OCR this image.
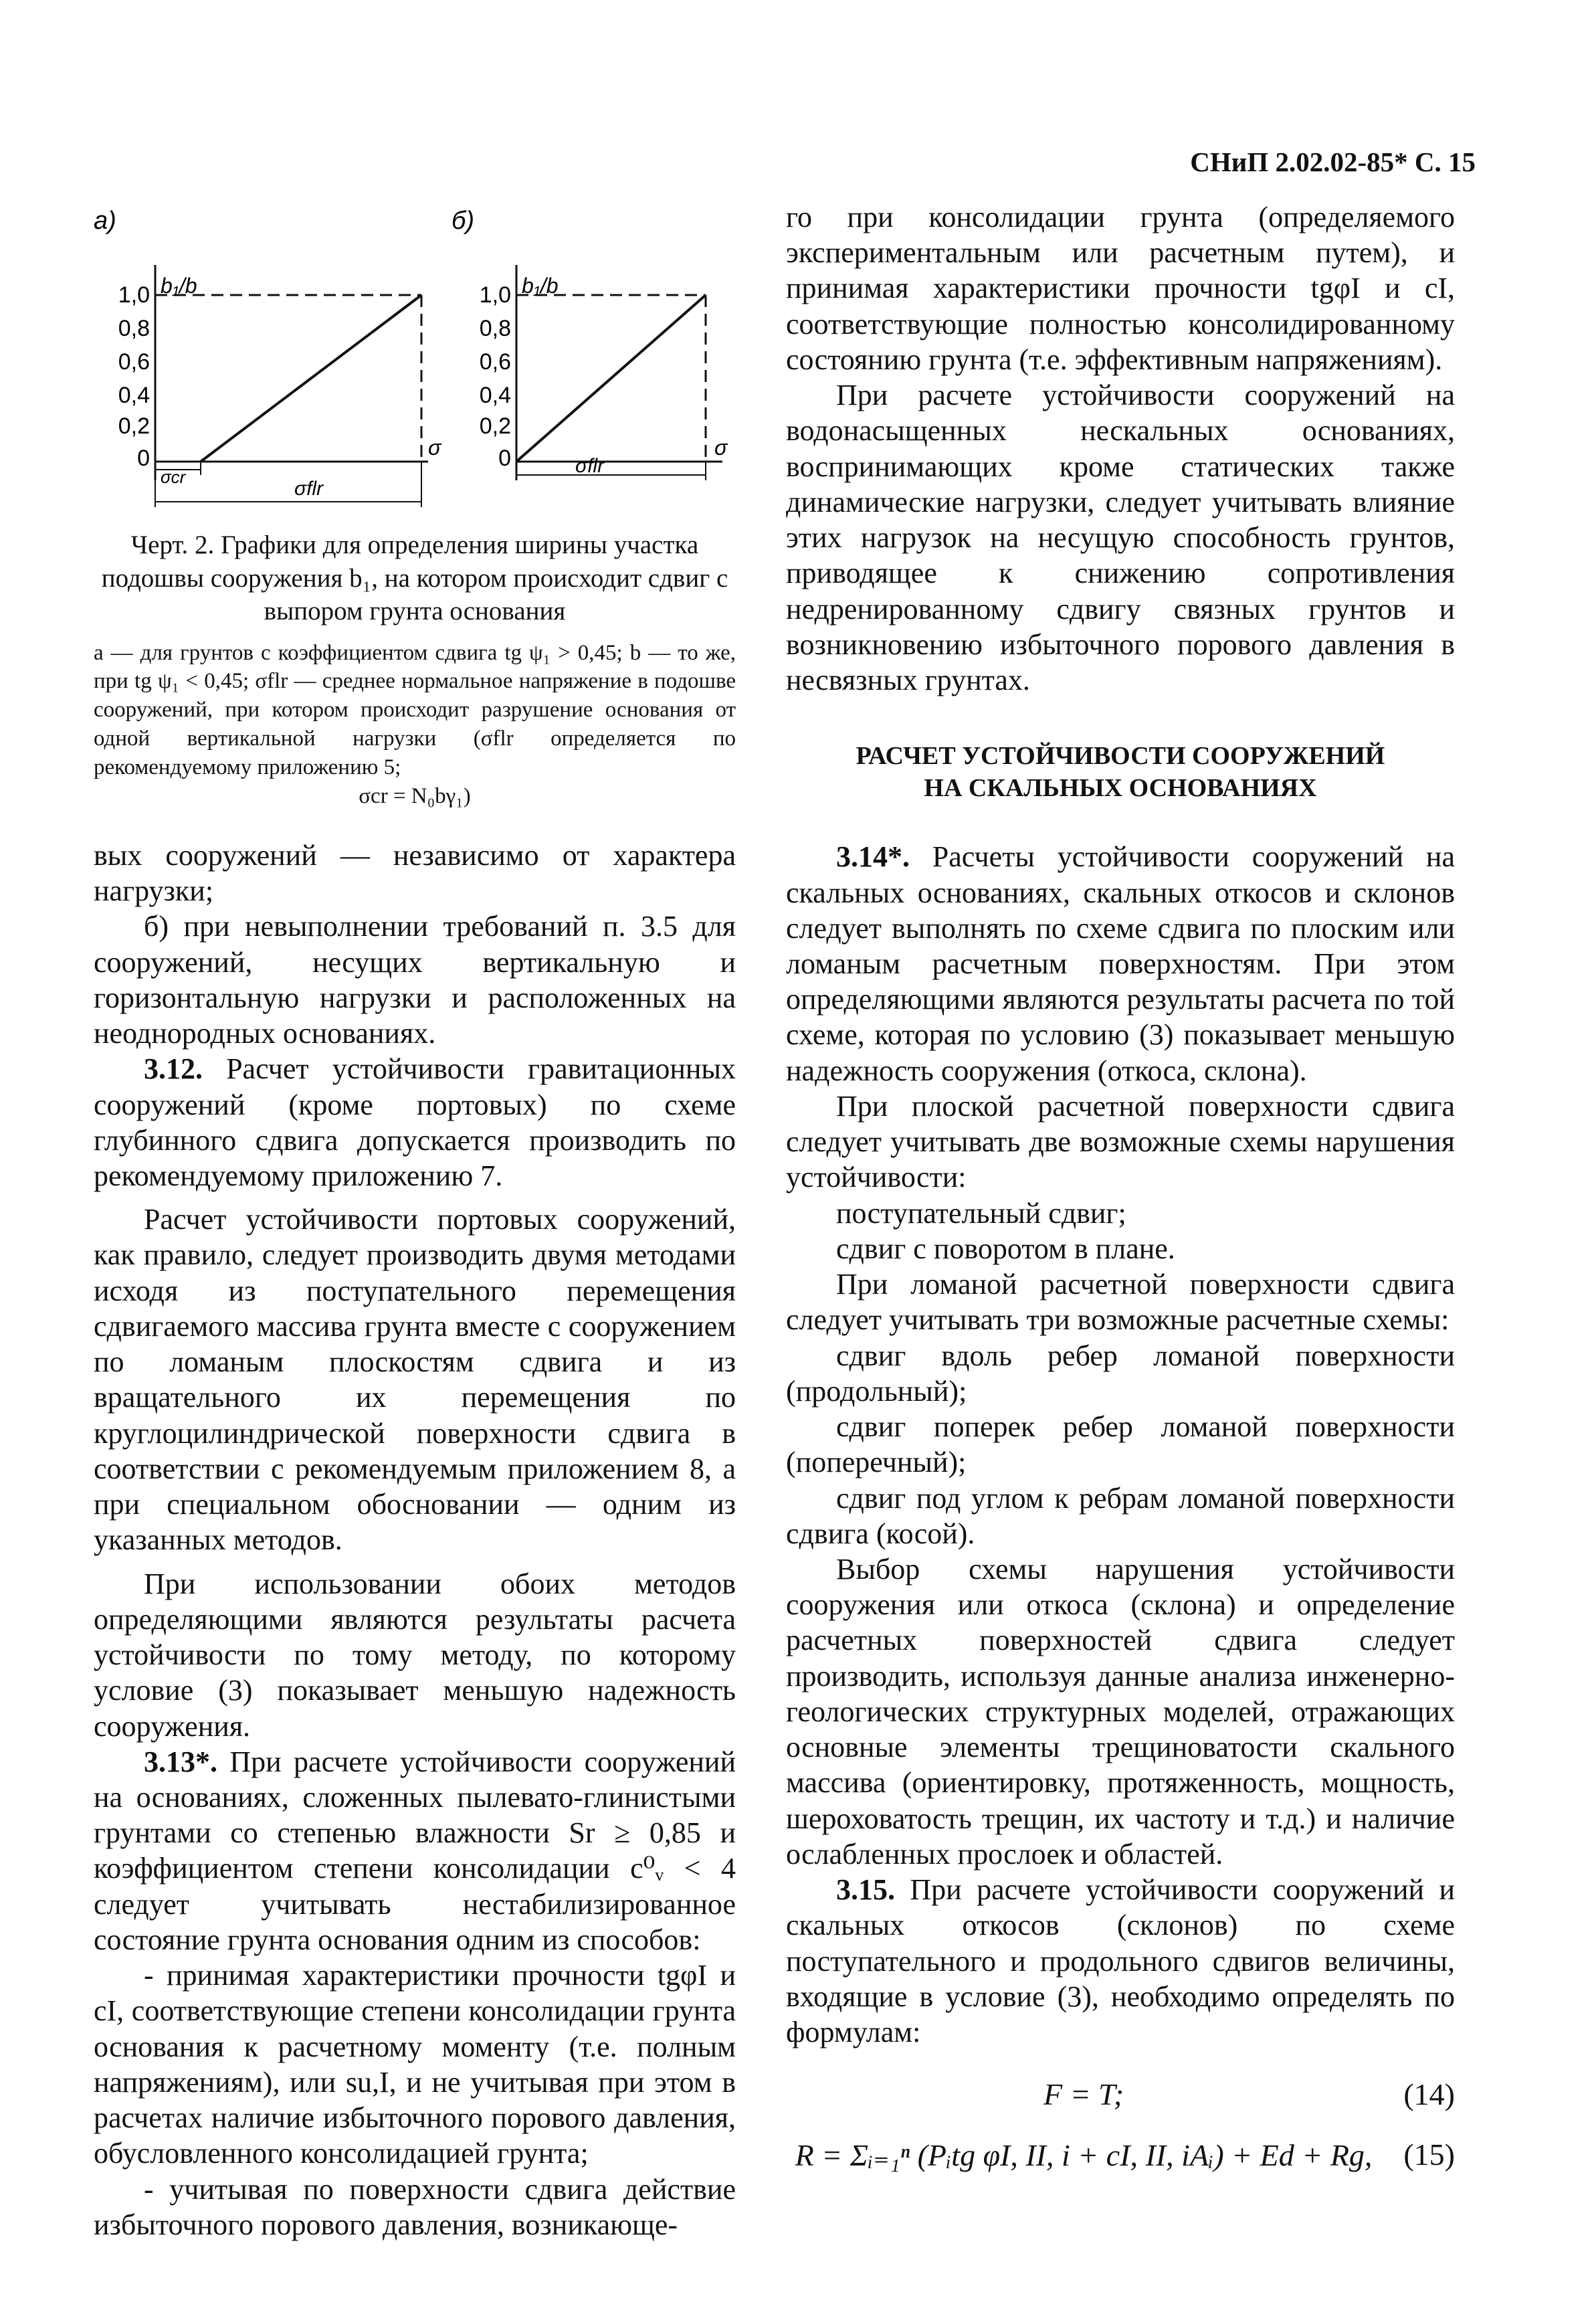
СНиП 2.02.02-85* С. 15
а)
b₁/b
1,0
0,8
0,6
0,4
0,2
0	σ
σcr
σflr
б)
b₁/b
1,0
0,8
0,6
0,4
0,2
0	σ
σflr
Черт. 2. Графики для определения ширины участка подошвы сооружения b₁, на котором происходит сдвиг с выпором грунта основания
а — для грунтов с коэффициентом сдвига tg ψ₁ > 0,45; b — то же, при tg ψ₁ < 0,45; σflr — среднее нормальное напряжение в подошве сооружений, при котором происходит разрушение основания от одной вертикальной нагрузки (σflr определяется по рекомендуемому приложению 5;
σcr = N₀bγ₁)

вых сооружений — независимо от характера нагрузки;

б) при невыполнении требований п. 3.5 для сооружений, несущих вертикальную и горизонтальную нагрузки и расположенных на неоднородных основаниях.

3.12. Расчет устойчивости гравитационных сооружений (кроме портовых) по схеме глубинного сдвига допускается производить по рекомендуемому приложению 7.

Расчет устойчивости портовых сооружений, как правило, следует производить двумя методами исходя из поступательного перемещения сдвигаемого массива грунта вместе с сооружением по ломаным плоскостям сдвига и из вращательного их перемещения по круглоцилиндрической поверхности сдвига в соответствии с рекомендуемым приложением 8, а при специальном обосновании — одним из указанных методов.

При использовании обоих методов определяющими являются результаты расчета устойчивости по тому методу, по которому условие (3) показывает меньшую надежность сооружения.

3.13*. При расчете устойчивости сооружений на основаниях, сложенных пылевато-глинистыми грунтами со степенью влажности Sr ≥ 0,85 и коэффициентом степени консолидации c⁰ᵥ < 4 следует учитывать нестабилизированное состояние грунта основания одним из способов:

- принимая характеристики прочности tgφI и cI, соответствующие степени консолидации грунта основания к расчетному моменту (т.е. полным напряжениям), или su,I, и не учитывая при этом в расчетах наличие избыточного порового давления, обусловленного консолидацией грунта;

- учитывая по поверхности сдвига действие избыточного порового давления, возникающе-

го при консолидации грунта (определяемого экспериментальным или расчетным путем), и принимая характеристики прочности tgφI и cI, соответствующие полностью консолидированному состоянию грунта (т.е. эффективным напряжениям).

При расчете устойчивости сооружений на водонасыщенных нескальных основаниях, воспринимающих кроме статических также динамические нагрузки, следует учитывать влияние этих нагрузок на несущую способность грунтов, приводящее к снижению сопротивления недренированному сдвигу связных грунтов и возникновению избыточного порового давления в несвязных грунтах.

РАСЧЕТ УСТОЙЧИВОСТИ СООРУЖЕНИЙ
НА СКАЛЬНЫХ ОСНОВАНИЯХ

3.14*. Расчеты устойчивости сооружений на скальных основаниях, скальных откосов и склонов следует выполнять по схеме сдвига по плоским или ломаным расчетным поверхностям. При этом определяющими являются результаты расчета по той схеме, которая по условию (3) показывает меньшую надежность сооружения (откоса, склона).

При плоской расчетной поверхности сдвига следует учитывать две возможные схемы нарушения устойчивости:

поступательный сдвиг;

сдвиг с поворотом в плане.

При ломаной расчетной поверхности сдвига следует учитывать три возможные расчетные схемы:

сдвиг вдоль ребер ломаной поверхности (продольный);

сдвиг поперек ребер ломаной поверхности (поперечный);

сдвиг под углом к ребрам ломаной поверхности сдвига (косой).

Выбор схемы нарушения устойчивости сооружения или откоса (склона) и определение расчетных поверхностей сдвига следует производить, используя данные анализа инженерно-геологических структурных моделей, отражающих основные элементы трещиноватости скального массива (ориентировку, протяженность, мощность, шероховатость трещин, их частоту и т.д.) и наличие ослабленных прослоек и областей.

3.15. При расчете устойчивости сооружений и скальных откосов (склонов) по схеме поступательного и продольного сдвигов величины, входящие в условие (3), необходимо определять по формулам:

F = T;	(14)
R = Σᵢ₌₁ⁿ (Pᵢtg φI, II, i + cI, II, iAᵢ) + Ed + Rg, (15)
